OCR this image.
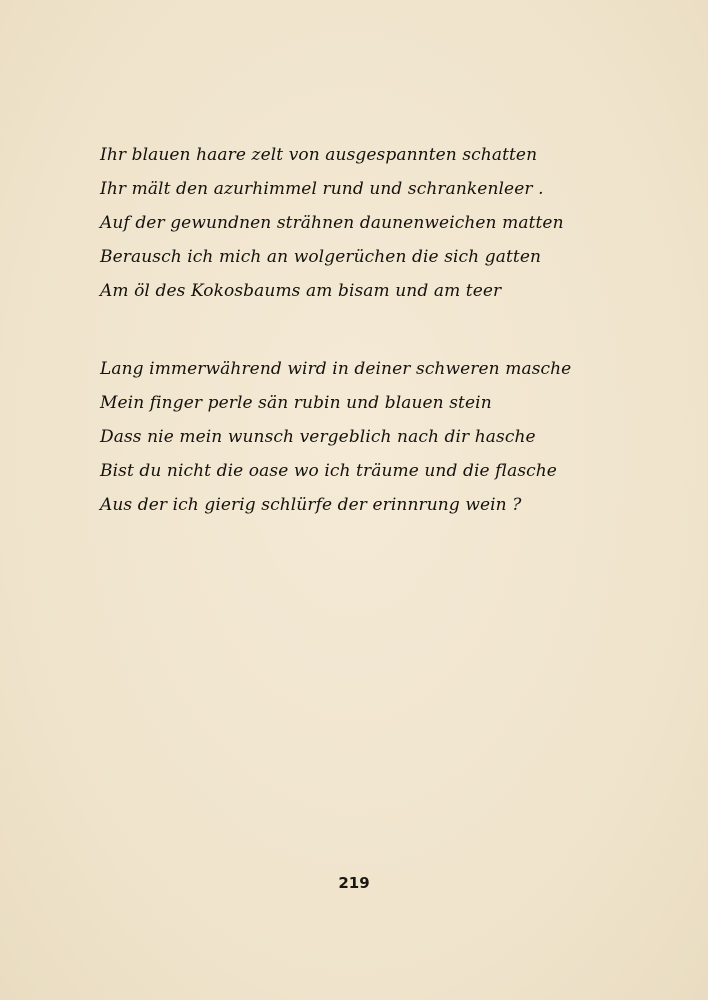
Ihr blauen haare zelt von ausgespannten schatten
Ihr mält den azurhimmel rund und schrankenleer .
Auf der gewundnen strähnen daunenweichen matten
Berausch ich mich an wolgerüchen die sich gatten
Am öl des Kokosbaums am bisam und am teer
Lang immerwährend wird in deiner schweren masche
Mein finger perle sän rubin und blauen stein
Dass nie mein wunsch vergeblich nach dir hasche
Bist du nicht die oase wo ich träume und die flasche
Aus der ich gierig schlürfe der erinnrung wein ?
219
